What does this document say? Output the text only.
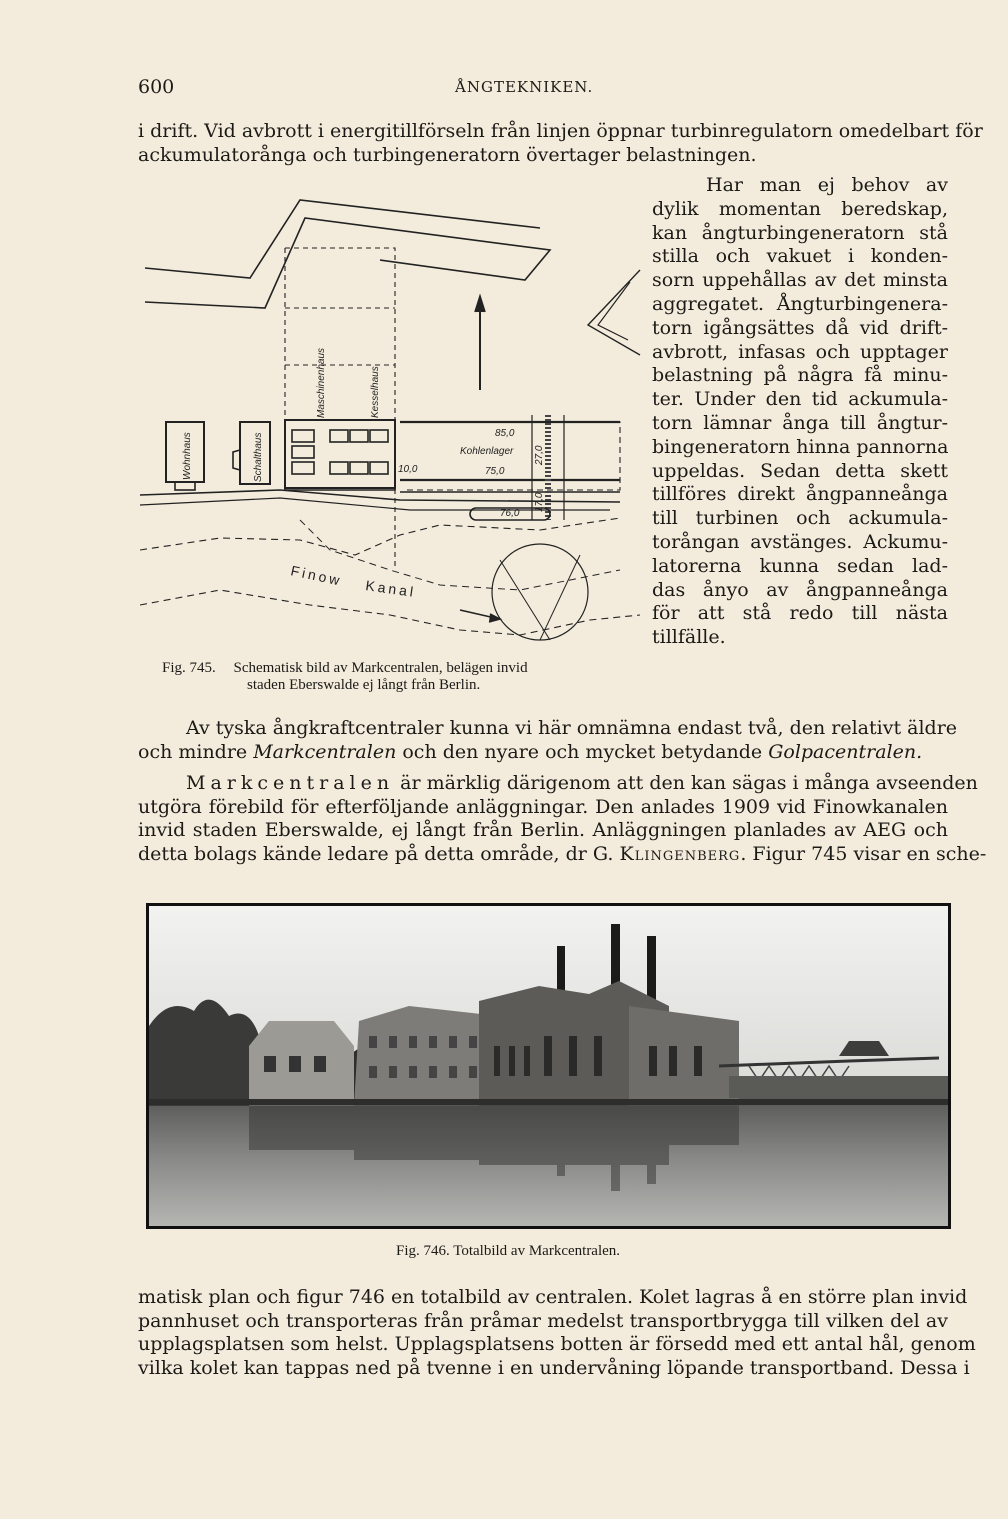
600	ÅNGTEKNIKEN.
i drift. Vid avbrott i energitillförseln från linjen öppnar turbinregulatorn omedelbart för
ackumulatorånga och turbingeneratorn övertager belastningen.
Har man ej behov av
dylik momentan beredskap,
kan ångturbingeneratorn stå
stilla och vakuet i konden-
sorn uppehållas av det minsta
aggregatet. Ångturbingenera-
torn igångsättes då vid drift-
avbrott, infasas och upptager
belastning på några få minu-
ter. Under den tid ackumula-
torn lämnar ånga till ångtur-
bingeneratorn hinna pannorna
uppeldas. Sedan detta skett
tillföres direkt ångpanneånga
till turbinen och ackumula-
torångan avstänges. Ackumu-
latorerna kunna sedan lad-
das ånyo av ångpanneånga
för att stå redo till nästa
tillfälle.
Wohnhaus	Schalthaus
Maschinenhaus	Kesselhaus
Kohlenlager
85,0
75,0
76,0
10,0
27,0
17,0
Finow Kanal
Fig. 745. Schematisk bild av Markcentralen, belägen invid
staden Eberswalde ej långt från Berlin.
Av tyska ångkraftcentraler kunna vi här omnämna endast två, den relativt äldre
och mindre Markcentralen och den nyare och mycket betydande Golpacentralen.
Markcentralen är märklig därigenom att den kan sägas i många avseenden
utgöra förebild för efterföljande anläggningar. Den anlades 1909 vid Finowkanalen
invid staden Eberswalde, ej långt från Berlin. Anläggningen planlades av AEG och
detta bolags kände ledare på detta område, dr G. Klingenberg. Figur 745 visar en sche-
Fig. 746. Totalbild av Markcentralen.
matisk plan och figur 746 en totalbild av centralen. Kolet lagras å en större plan invid
pannhuset och transporteras från pråmar medelst transportbrygga till vilken del av
upplagsplatsen som helst. Upplagsplatsens botten är försedd med ett antal hål, genom
vilka kolet kan tappas ned på tvenne i en undervåning löpande transportband. Dessa i
